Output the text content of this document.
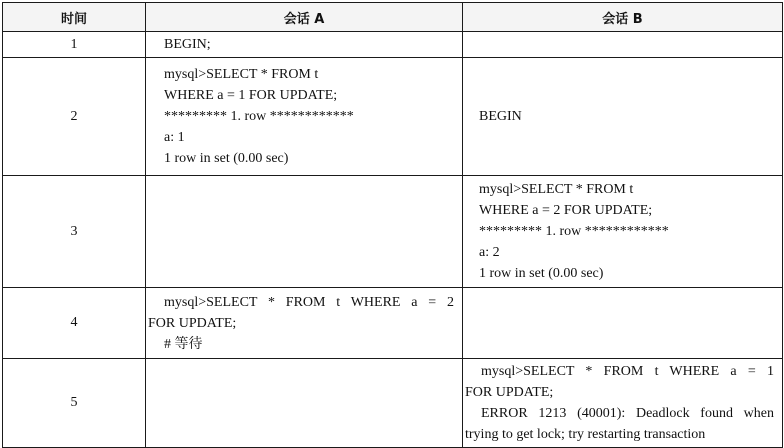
时间	会话 A	会话 B
1	BEGIN;	

2	mysql>SELECT * FROM t
WHERE a = 1 FOR UPDATE;
********* 1. row ************
a: 1
1 row in set (0.00 sec)	BEGIN

3		mysql>SELECT * FROM t
WHERE a = 2 FOR UPDATE;
********* 1. row ************
a: 2
1 row in set (0.00 sec)

4	mysql>SELECT * FROM t WHERE a = 2
FOR UPDATE;
# 等待	

5		mysql>SELECT * FROM t WHERE a = 1
FOR UPDATE;
ERROR 1213 (40001): Deadlock found when
trying to get lock; try restarting transaction
